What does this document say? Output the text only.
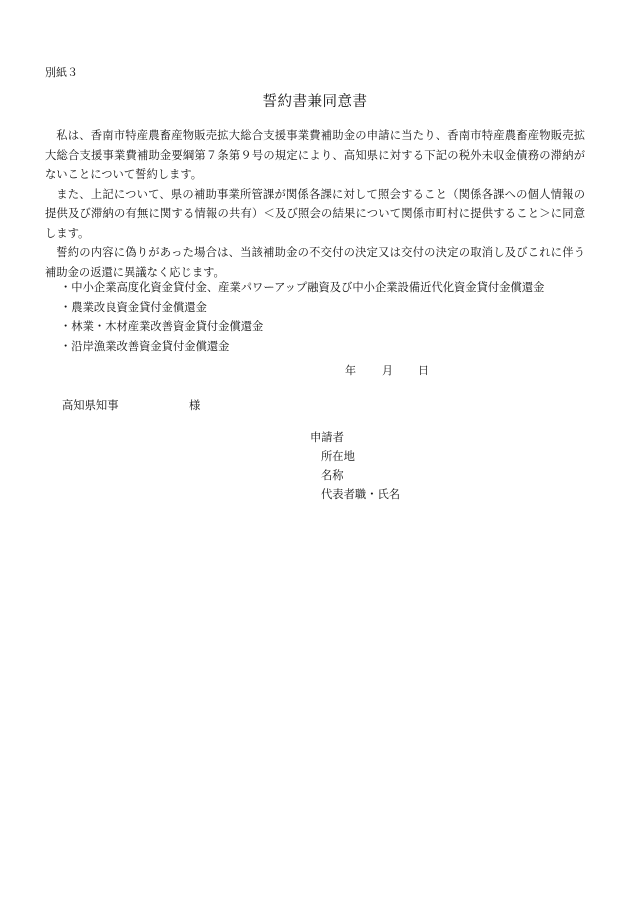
別紙３
誓約書兼同意書

私は、香南市特産農畜産物販売拡大総合支援事業費補助金の申請に当たり、香南市特産農畜産物販売拡大総合支援事業費補助金要綱第７条第９号の規定により、高知県に対する下記の税外未収金債務の滞納がないことについて誓約します。

また、上記について、県の補助事業所管課が関係各課に対して照会すること（関係各課への個人情報の提供及び滞納の有無に関する情報の共有）＜及び照会の結果について関係市町村に提供すること＞に同意します。

誓約の内容に偽りがあった場合は、当該補助金の不交付の決定又は交付の決定の取消し及びこれに伴う補助金の返還に異議なく応じます。

・中小企業高度化資金貸付金、産業パワーアップ融資及び中小企業設備近代化資金貸付金償還金
・農業改良資金貸付金償還金
・林業・木材産業改善資金貸付金償還金
・沿岸漁業改善資金貸付金償還金
年 月 日
高知県知事	様
申請者
所在地
名称
代表者職・氏名
